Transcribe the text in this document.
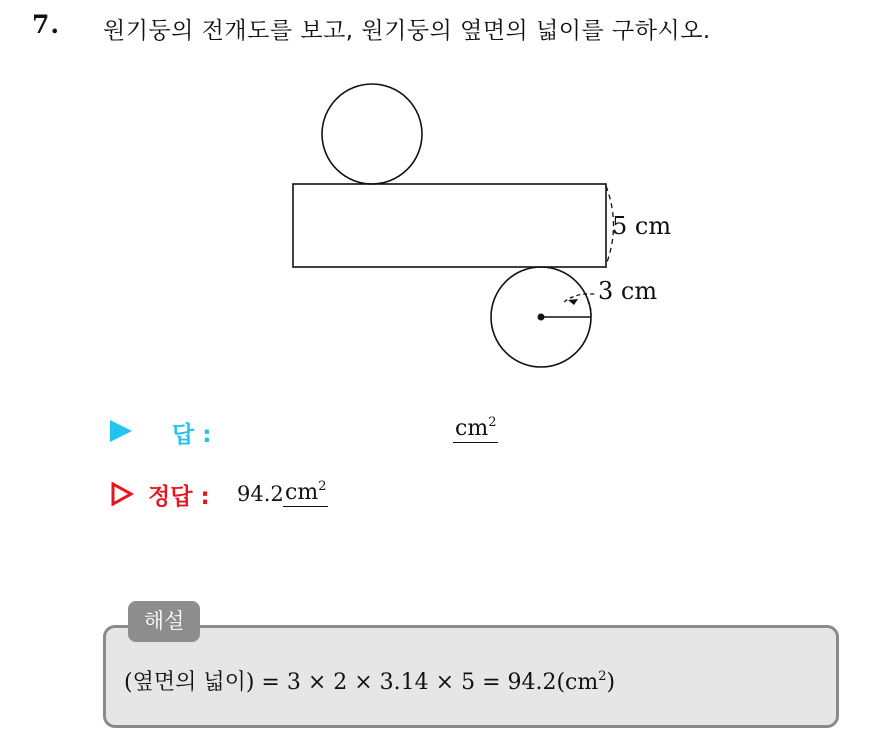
7. 원기둥의 전개도를 보고, 원기둥의 옆면의 넓이를 구하시오.
5 cm
3 cm
답 :	$cm^2$
정답 : 94.2 $cm^2$
해설
(옆면의 넓이) = $3 \times 2 \times 3.14 \times 5 = 94.2(cm^2)$
